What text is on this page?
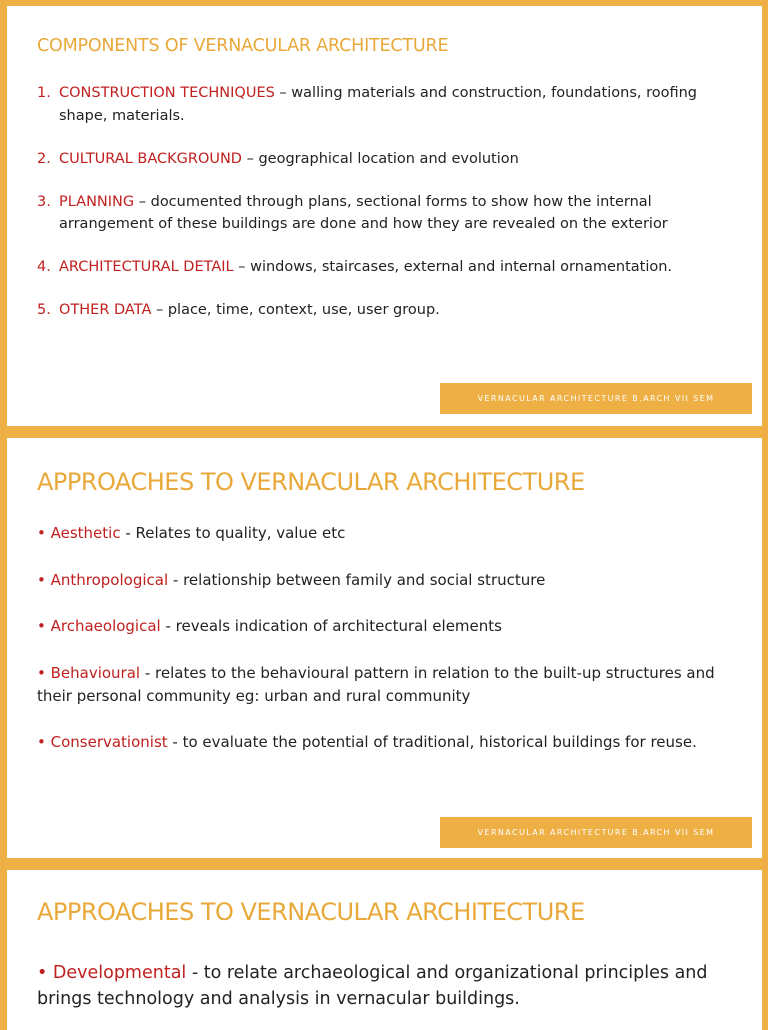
COMPONENTS OF VERNACULAR ARCHITECTURE
1. CONSTRUCTION TECHNIQUES – walling materials and construction, foundations, roofing shape, materials.
2. CULTURAL BACKGROUND – geographical location and evolution
3. PLANNING – documented through plans, sectional forms to show how the internal arrangement of these buildings are done and how they are revealed on the exterior
4. ARCHITECTURAL DETAIL – windows, staircases, external and internal ornamentation.
5. OTHER DATA – place, time, context, use, user group.
VERNACULAR ARCHITECTURE B.ARCH VII SEM
APPROACHES TO VERNACULAR ARCHITECTURE
• Aesthetic - Relates to quality, value etc
• Anthropological - relationship between family and social structure
• Archaeological - reveals indication of architectural elements
• Behavioural - relates to the behavioural pattern in relation to the built-up structures and their personal community eg: urban and rural community
• Conservationist - to evaluate the potential of traditional, historical buildings for reuse.
VERNACULAR ARCHITECTURE B.ARCH VII SEM
APPROACHES TO VERNACULAR ARCHITECTURE
• Developmental - to relate archaeological and organizational principles and brings technology and analysis in vernacular buildings.
